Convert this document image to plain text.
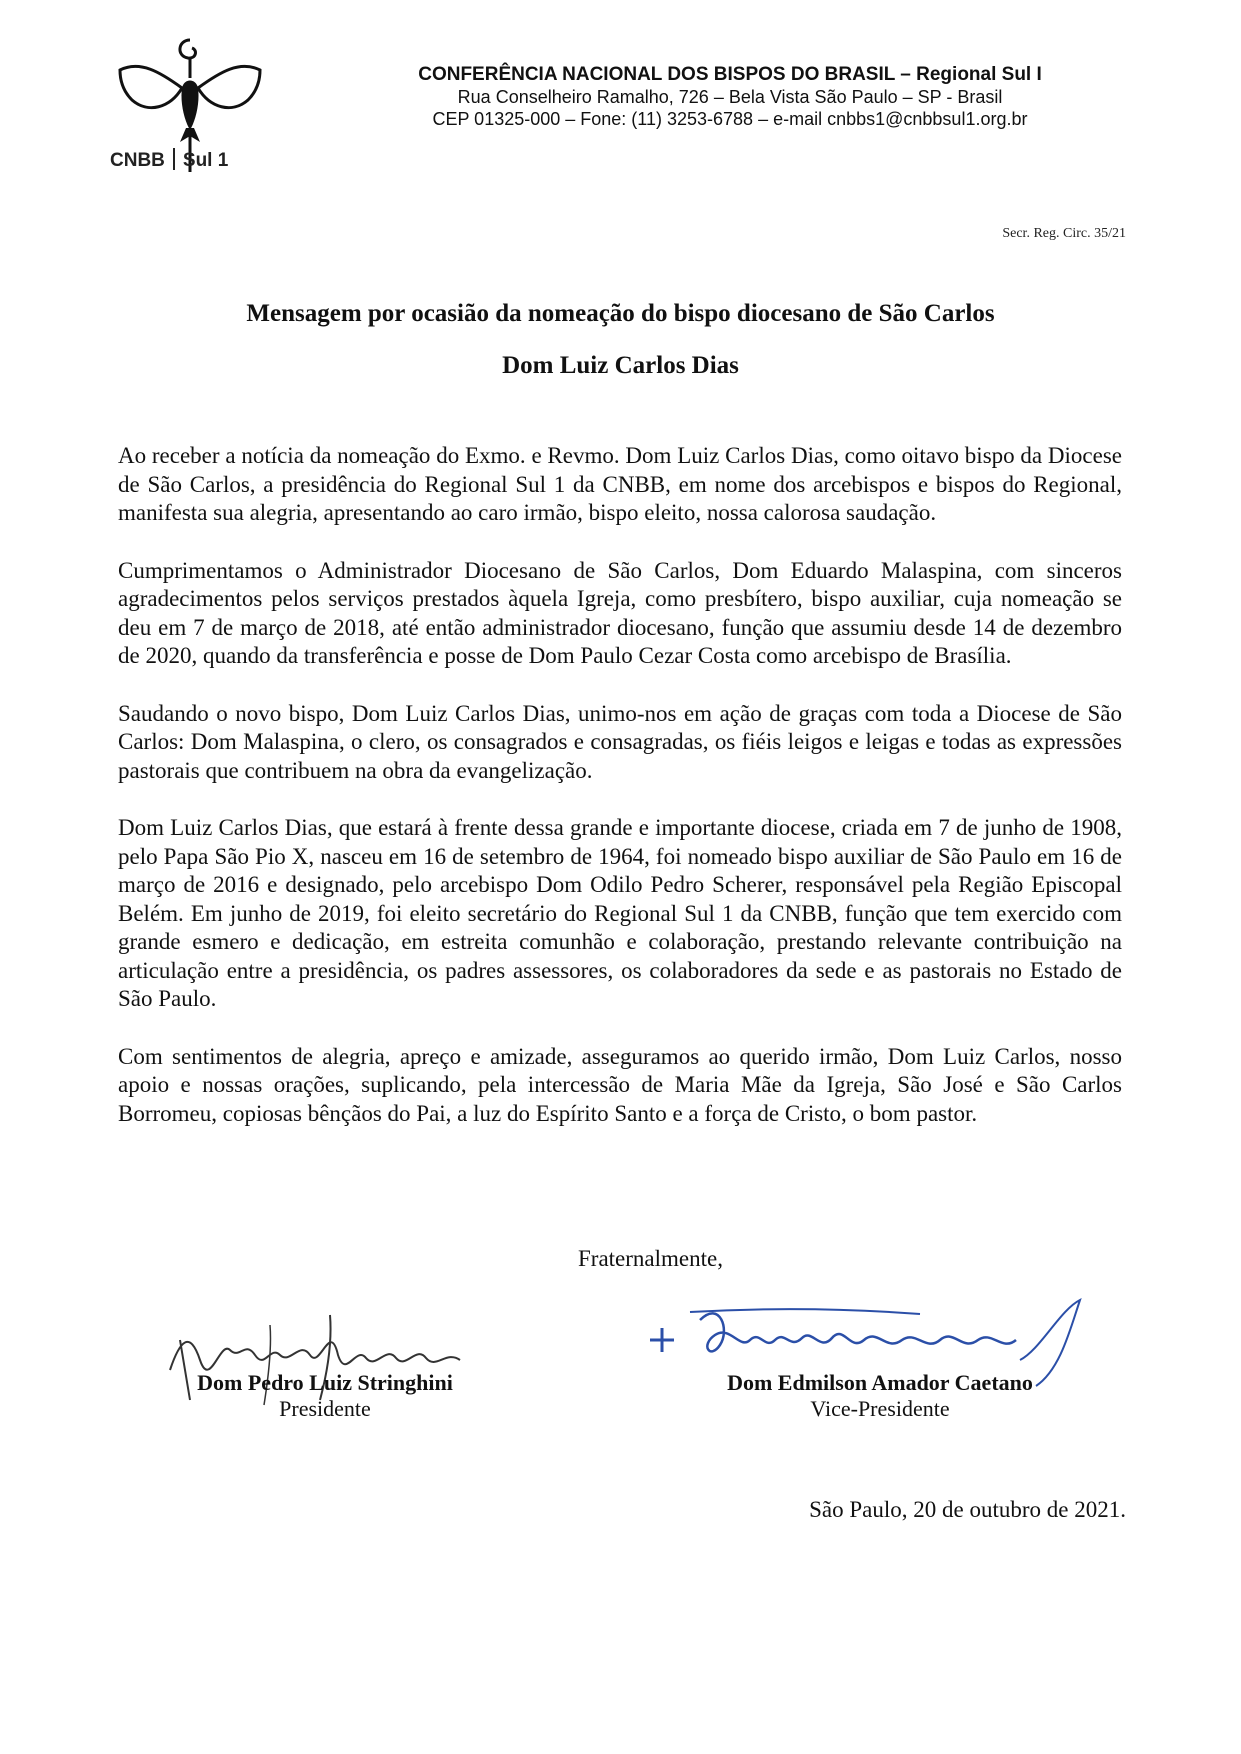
CNBB Sul 1
CONFERÊNCIA NACIONAL DOS BISPOS DO BRASIL – Regional Sul I
Rua Conselheiro Ramalho, 726 – Bela Vista São Paulo – SP - Brasil
CEP 01325-000 – Fone: (11) 3253-6788 – e-mail cnbbs1@cnbbsul1.org.br
Secr. Reg. Circ. 35/21
Mensagem por ocasião da nomeação do bispo diocesano de São Carlos
Dom Luiz Carlos Dias

Ao receber a notícia da nomeação do Exmo. e Revmo. Dom Luiz Carlos Dias, como oitavo bispo da Diocese de São Carlos, a presidência do Regional Sul 1 da CNBB, em nome dos arcebispos e bispos do Regional, manifesta sua alegria, apresentando ao caro irmão, bispo eleito, nossa calorosa saudação.

Cumprimentamos o Administrador Diocesano de São Carlos, Dom Eduardo Malaspina, com sinceros agradecimentos pelos serviços prestados àquela Igreja, como presbítero, bispo auxiliar, cuja nomeação se deu em 7 de março de 2018, até então administrador diocesano, função que assumiu desde 14 de dezembro de 2020, quando da transferência e posse de Dom Paulo Cezar Costa como arcebispo de Brasília.

Saudando o novo bispo, Dom Luiz Carlos Dias, unimo-nos em ação de graças com toda a Diocese de São Carlos: Dom Malaspina, o clero, os consagrados e consagradas, os fiéis leigos e leigas e todas as expressões pastorais que contribuem na obra da evangelização.

Dom Luiz Carlos Dias, que estará à frente dessa grande e importante diocese, criada em 7 de junho de 1908, pelo Papa São Pio X, nasceu em 16 de setembro de 1964, foi nomeado bispo auxiliar de São Paulo em 16 de março de 2016 e designado, pelo arcebispo Dom Odilo Pedro Scherer, responsável pela Região Episcopal Belém. Em junho de 2019, foi eleito secretário do Regional Sul 1 da CNBB, função que tem exercido com grande esmero e dedicação, em estreita comunhão e colaboração, prestando relevante contribuição na articulação entre a presidência, os padres assessores, os colaboradores da sede e as pastorais no Estado de São Paulo.

Com sentimentos de alegria, apreço e amizade, asseguramos ao querido irmão, Dom Luiz Carlos, nosso apoio e nossas orações, suplicando, pela intercessão de Maria Mãe da Igreja, São José e São Carlos Borromeu, copiosas bênçãos do Pai, a luz do Espírito Santo e a força de Cristo, o bom pastor.

Fraternalmente,
Dom Pedro Luiz Stringhini
Presidente
Dom Edmilson Amador Caetano
Vice-Presidente
São Paulo, 20 de outubro de 2021.
